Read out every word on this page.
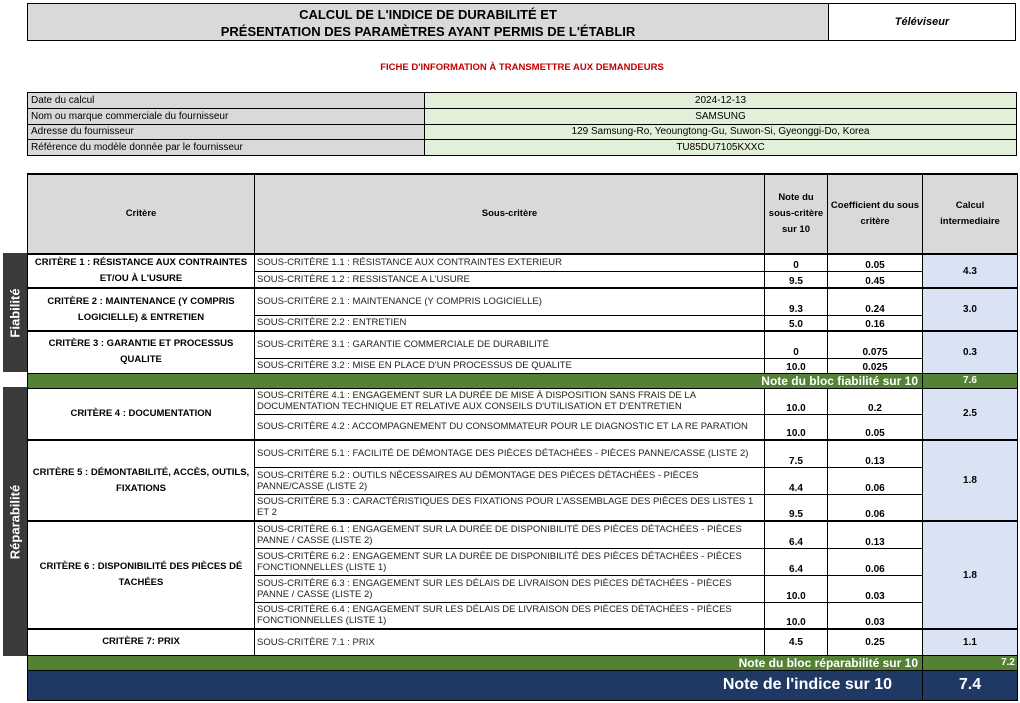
CALCUL DE L'INDICE DE DURABILITÉ ET
PRÉSENTATION DES PARAMÈTRES AYANT PERMIS DE L'ÉTABLIR
Téléviseur
FICHE D'INFORMATION À TRANSMETTRE AUX DEMANDEURS
Date du calcul	2024-12-13
Nom ou marque commerciale du fournisseur	SAMSUNG
Adresse du fournisseur	129 Samsung-Ro, Yeoungtong-Gu, Suwon-Si, Gyeonggi-Do, Korea
Référence du modèle donnée par le fournisseur	TU85DU7105KXXC
Fiabilité
Réparabilité
Critère	Sous-critère	Note du sous-critère sur 10	Coefficient du sous critère	Calcul intermediaire
CRITÈRE 1 : RÉSISTANCE AUX CONTRAINTES ET/OU À L'USURE	SOUS-CRITÈRE 1.1 : RÉSISTANCE AUX CONTRAINTES EXTERIEUR	0	0.05	4.3
	SOUS-CRITÈRE 1.2 : RESSISTANCE A L'USURE	9.5	0.45	
CRITÈRE 2 : MAINTENANCE (Y COMPRIS LOGICIELLE) & ENTRETIEN	SOUS-CRITÈRE 2.1 : MAINTENANCE (Y COMPRIS LOGICIELLE)	9.3	0.24	3.0
	SOUS-CRITÈRE 2.2 : ENTRETIEN	5.0	0.16	
CRITÈRE 3 : GARANTIE ET PROCESSUS QUALITE	SOUS-CRITÈRE 3.1 : GARANTIE COMMERCIALE DE DURABILITÉ	0	0.075	0.3
	SOUS-CRITÈRE 3.2 : MISE EN PLACE D'UN PROCESSUS DE QUALITE	10.0	0.025	
Note du bloc fiabilité sur 10				7.6
CRITÈRE 4 : DOCUMENTATION	SOUS-CRITÈRE 4.1 : ENGAGEMENT SUR LA DURÉE DE MISE À DISPOSITION SANS FRAIS DE LA DOCUMENTATION TECHNIQUE ET RELATIVE AUX CONSEILS D'UTILISATION ET D'ENTRETIEN	10.0	0.2	2.5
	SOUS-CRITÈRE 4.2 : ACCOMPAGNEMENT DU CONSOMMATEUR POUR LE DIAGNOSTIC ET LA RE PARATION	10.0	0.05	
CRITÈRE 5 : DÉMONTABILITÉ, ACCÈS, OUTILS, FIXATIONS	SOUS-CRITÈRE 5.1 : FACILITÉ DE DÉMONTAGE DES PIÈCES DÉTACHÉES - PIÈCES PANNE/CASSE (LISTE 2)	7.5	0.13	1.8
	SOUS-CRITÈRE 5.2 : OUTILS NÉCESSAIRES AU DÉMONTAGE DES PIÈCES DÉTACHÉES - PIÈCES PANNE/CASSE (LISTE 2)	4.4	0.06	
	SOUS-CRITÈRE 5.3 : CARACTÉRISTIQUES DES FIXATIONS POUR L'ASSEMBLAGE DES PIÈCES DES LISTES 1 ET 2	9.5	0.06	
CRITÈRE 6 : DISPONIBILITÉ DES PIÈCES DÉ TACHÉES	SOUS-CRITÈRE 6.1 : ENGAGEMENT SUR LA DURÉE DE DISPONIBILITÉ DES PIÈCES DÉTACHÉES - PIÈCES PANNE / CASSE (LISTE 2)	6.4	0.13	1.8
	SOUS-CRITÈRE 6.2 : ENGAGEMENT SUR LA DURÉE DE DISPONIBILITÉ DES PIÈCES DÉTACHÉES - PIÈCES FONCTIONNELLES (LISTE 1)	6.4	0.06	
	SOUS-CRITÈRE 6.3 : ENGAGEMENT SUR LES DÉLAIS DE LIVRAISON DES PIÈCES DÉTACHÉES - PIÈCES PANNE / CASSE (LISTE 2)	10.0	0.03	
	SOUS-CRITÈRE 6.4 : ENGAGEMENT SUR LES DÉLAIS DE LIVRAISON DES PIÈCES DÉTACHÉES - PIÈCES FONCTIONNELLES (LISTE 1)	10.0	0.03	
CRITÈRE 7: PRIX	SOUS-CRITÈRE 7.1 : PRIX	4.5	0.25	1.1
Note du bloc réparabilité sur 10				7.2
Note de l'indice sur 10				7.4
